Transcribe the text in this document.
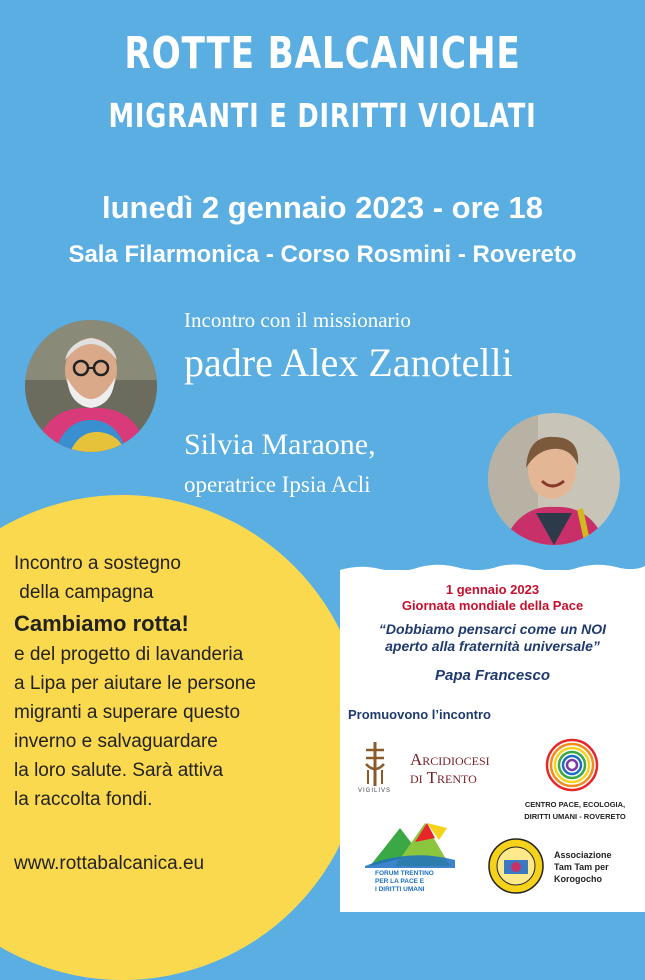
ROTTE BALCANICHE
MIGRANTI E DIRITTI VIOLATI
lunedì 2 gennaio 2023 - ore 18
Sala Filarmonica - Corso Rosmini - Rovereto
Incontro con il missionario
padre Alex Zanotelli
Silvia Maraone,
operatrice Ipsia Acli
Incontro a sostegno
della campagna
Cambiamo rotta!
e del progetto di lavanderia
a Lipa per aiutare le persone
migranti a superare questo
inverno e salvaguardare
la loro salute. Sarà attiva
la raccolta fondi.
www.rottabalcanica.eu
1 gennaio 2023
Giornata mondiale della Pace
“Dobbiamo pensarci come un NOI
aperto alla fraternità universale”
Papa Francesco
Promuovono l’incontro
VIGILIVS
Arcidiocesi
di Trento
CENTRO PACE, ECOLOGIA,
DIRITTI UMANI - ROVERETO
FORUM TRENTINO
PER LA PACE E
I DIRITTI UMANI
Associazione
Tam Tam per
Korogocho
